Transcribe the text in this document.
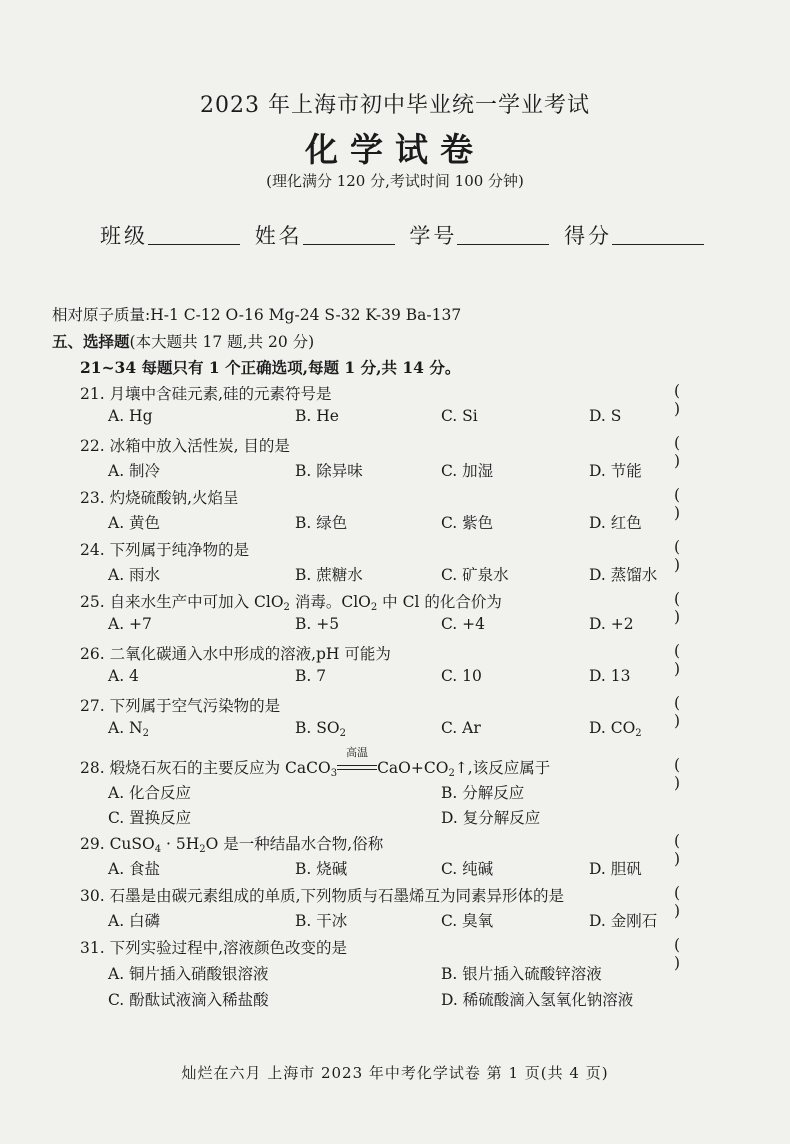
2023 年上海市初中毕业统一学业考试
化学试卷
(理化满分 120 分,考试时间 100 分钟)
班级	姓名	学号	得分
相对原子质量:H-1 C-12 O-16 Mg-24 S-32 K-39 Ba-137
五、选择题(本大题共 17 题,共 20 分)
21~34 每题只有 1 个正确选项,每题 1 分,共 14 分。
21. 月壤中含硅元素,硅的元素符号是	()
A. Hg	B. He	C. Si	D. S
22. 冰箱中放入活性炭, 目的是	()
A. 制冷	B. 除异味	C. 加湿	D. 节能
23. 灼烧硫酸钠,火焰呈	()
A. 黄色	B. 绿色	C. 紫色	D. 红色
24. 下列属于纯净物的是	()
A. 雨水	B. 蔗糖水	C. 矿泉水	D. 蒸馏水
25. 自来水生产中可加入 ClO$_2$ 消毒。ClO$_2$ 中 Cl 的化合价为	()
A. +7	B. +5	C. +4	D. +2
26. 二氧化碳通入水中形成的溶液,pH 可能为	()
A. 4	B. 7	C. 10	D. 13
27. 下列属于空气污染物的是	()
A. $N_2$	B. $SO_2$	C. Ar	D. $CO_2$
28. 煅烧石灰石的主要反应为 CaCO$_3$
高温
$CaO+CO_2↑$,该反应属于	()
A. 化合反应	B. 分解反应
C. 置换反应	D. 复分解反应
29. CuSO$_4$ · $5H_2O$ 是一种结晶水合物,俗称	()
A. 食盐	B. 烧碱	C. 纯碱	D. 胆矾
30. 石墨是由碳元素组成的单质,下列物质与石墨烯互为同素异形体的是	()
A. 白磷	B. 干冰	C. 臭氧	D. 金刚石
31. 下列实验过程中,溶液颜色改变的是	()
A. 铜片插入硝酸银溶液	B. 银片插入硫酸锌溶液
C. 酚酞试液滴入稀盐酸	D. 稀硫酸滴入氢氧化钠溶液
灿烂在六月 上海市 2023 年中考化学试卷 第 1 页(共 4 页)
